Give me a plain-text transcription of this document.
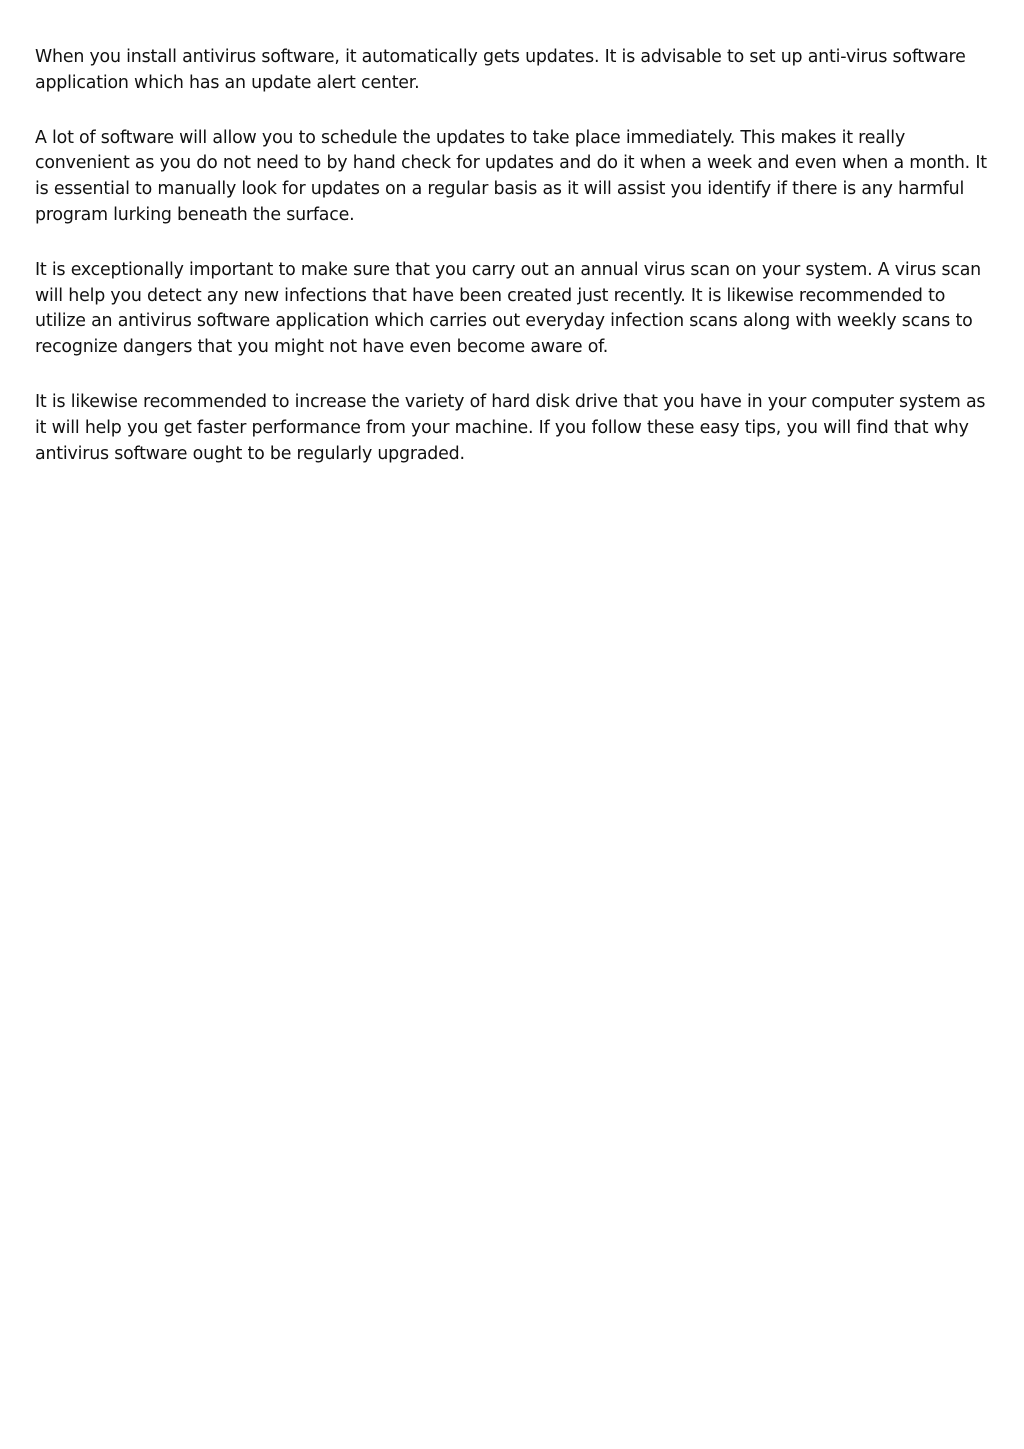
When you install antivirus software, it automatically gets updates. It is advisable to set up anti-virus software application which has an update alert center.

A lot of software will allow you to schedule the updates to take place immediately. This makes it really convenient as you do not need to by hand check for updates and do it when a week and even when a month. It is essential to manually look for updates on a regular basis as it will assist you identify if there is any harmful program lurking beneath the surface.

It is exceptionally important to make sure that you carry out an annual virus scan on your system. A virus scan will help you detect any new infections that have been created just recently. It is likewise recommended to utilize an antivirus software application which carries out everyday infection scans along with weekly scans to recognize dangers that you might not have even become aware of.

It is likewise recommended to increase the variety of hard disk drive that you have in your computer system as it will help you get faster performance from your machine. If you follow these easy tips, you will find that why antivirus software ought to be regularly upgraded.
